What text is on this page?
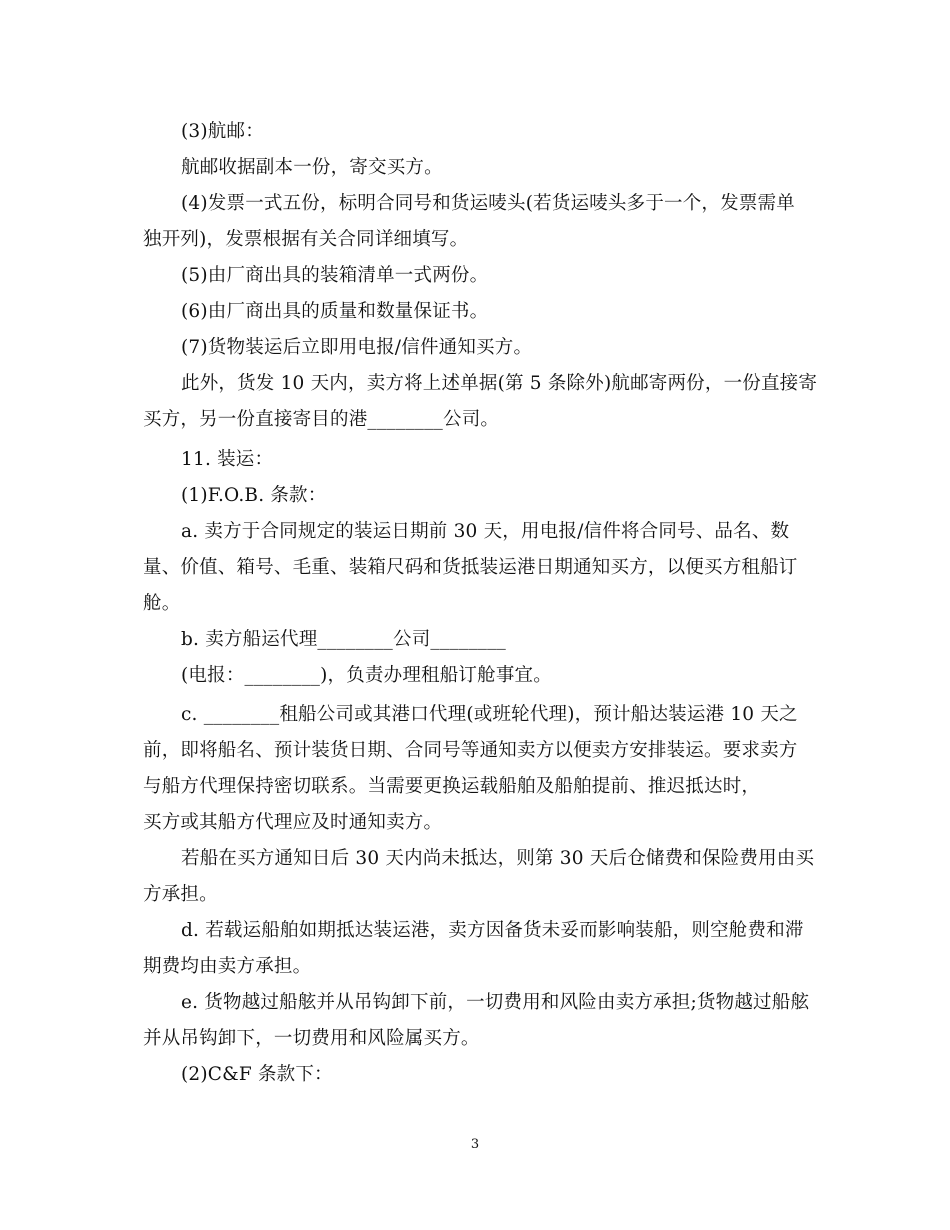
(3)航邮：
航邮收据副本一份，寄交买方。
(4)发票一式五份，标明合同号和货运唛头(若货运唛头多于一个，发票需单
独开列)，发票根据有关合同详细填写。
(5)由厂商出具的装箱清单一式两份。
(6)由厂商出具的质量和数量保证书。
(7)货物装运后立即用电报/信件通知买方。
此外，货发 10 天内，卖方将上述单据(第 5 条除外)航邮寄两份，一份直接寄
买方，另一份直接寄目的港________公司。
11. 装运：
(1)F.O.B. 条款：
a. 卖方于合同规定的装运日期前 30 天，用电报/信件将合同号、品名、数
量、价值、箱号、毛重、装箱尺码和货抵装运港日期通知买方，以便买方租船订
舱。
b. 卖方船运代理________公司________
(电报：________)，负责办理租船订舱事宜。
c. ________租船公司或其港口代理(或班轮代理)，预计船达装运港 10 天之
前，即将船名、预计装货日期、合同号等通知卖方以便卖方安排装运。要求卖方
与船方代理保持密切联系。当需要更换运载船舶及船舶提前、推迟抵达时，
买方或其船方代理应及时通知卖方。
若船在买方通知日后 30 天内尚未抵达，则第 30 天后仓储费和保险费用由买
方承担。
d. 若载运船舶如期抵达装运港，卖方因备货未妥而影响装船，则空舱费和滞
期费均由卖方承担。
e. 货物越过船舷并从吊钩卸下前，一切费用和风险由卖方承担;货物越过船舷
并从吊钩卸下，一切费用和风险属买方。
(2)C&F 条款下：
3
